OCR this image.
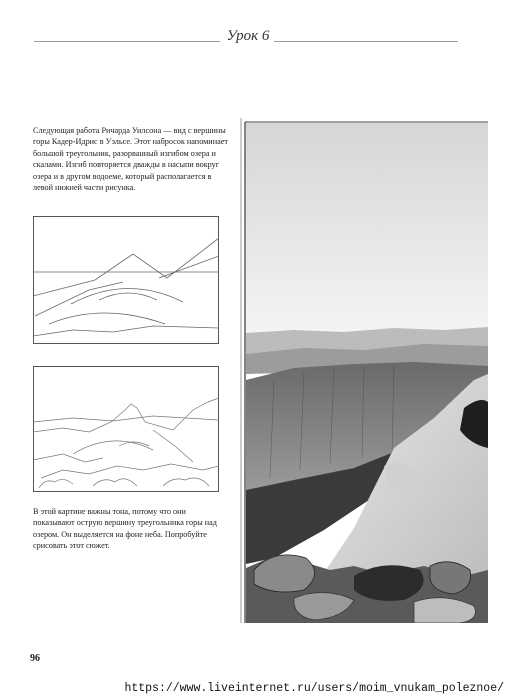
Урок 6

Следующая работа Ричарда Уилсона — вид с вершины горы Кадер-Идрис в Уэльсе. Этот набросок напоминает большой треугольник, разорванный изгибом озера и скалами. Изгиб повторяется дважды в насыпи вокруг озера и в другом водоеме, который располагается в левой нижней части рисунка.

В этой картине важны тона, потому что они показывают острую вершину треугольника горы над озером. Он выделяется на фоне неба. Попробуйте срисовать этот сюжет.

96
https://www.liveinternet.ru/users/moim_vnukam_poleznoe/
